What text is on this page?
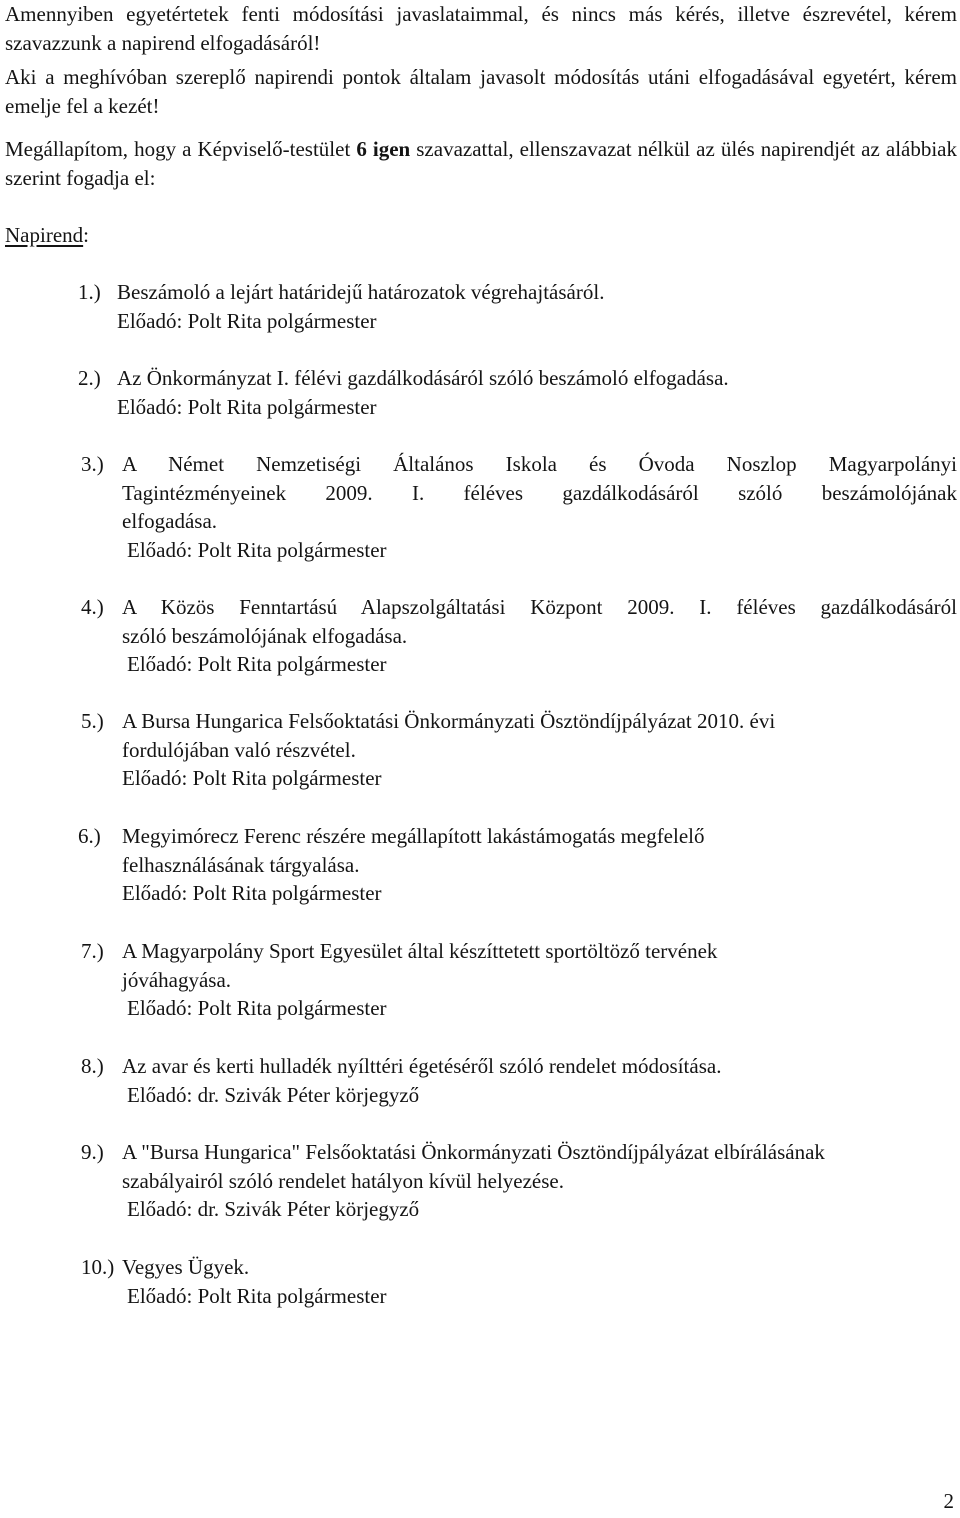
Amennyiben egyetértetek fenti módosítási javaslataimmal, és nincs más kérés, illetve észrevétel, kérem szavazzunk a napirend elfogadásáról!

Aki a meghívóban szereplő napirendi pontok általam javasolt módosítás utáni elfogadásával egyetért, kérem emelje fel a kezét!

Megállapítom, hogy a Képviselő-testület 6 igen szavazattal, ellenszavazat nélkül az ülés napirendjét az alábbiak szerint fogadja el:

Napirend:

1.) Beszámoló a lejárt határidejű határozatok végrehajtásáról.
Előadó: Polt Rita polgármester
2.) Az Önkormányzat I. félévi gazdálkodásáról szóló beszámoló elfogadása.
Előadó: Polt Rita polgármester
3.) A Német Nemzetiségi Általános Iskola és Óvoda Noszlop Magyarpolányi
Tagintézményeinek 2009. I. féléves gazdálkodásáról szóló beszámolójának
elfogadása.
Előadó: Polt Rita polgármester
4.) A Közös Fenntartású Alapszolgáltatási Központ 2009. I. féléves gazdálkodásáról
szóló beszámolójának elfogadása.
Előadó: Polt Rita polgármester
5.) A Bursa Hungarica Felsőoktatási Önkormányzati Ösztöndíjpályázat 2010. évi
fordulójában való részvétel.
Előadó: Polt Rita polgármester
6.) Megyimórecz Ferenc részére megállapított lakástámogatás megfelelő
felhasználásának tárgyalása.
Előadó: Polt Rita polgármester
7.) A Magyarpolány Sport Egyesület által készíttetett sportöltöző tervének
jóváhagyása.
Előadó: Polt Rita polgármester
8.) Az avar és kerti hulladék nyílttéri égetéséről szóló rendelet módosítása.
Előadó: dr. Szivák Péter körjegyző
9.) A "Bursa Hungarica" Felsőoktatási Önkormányzati Ösztöndíjpályázat elbírálásának
szabályairól szóló rendelet hatályon kívül helyezése.
Előadó: dr. Szivák Péter körjegyző
10.) Vegyes Ügyek.
Előadó: Polt Rita polgármester
2
